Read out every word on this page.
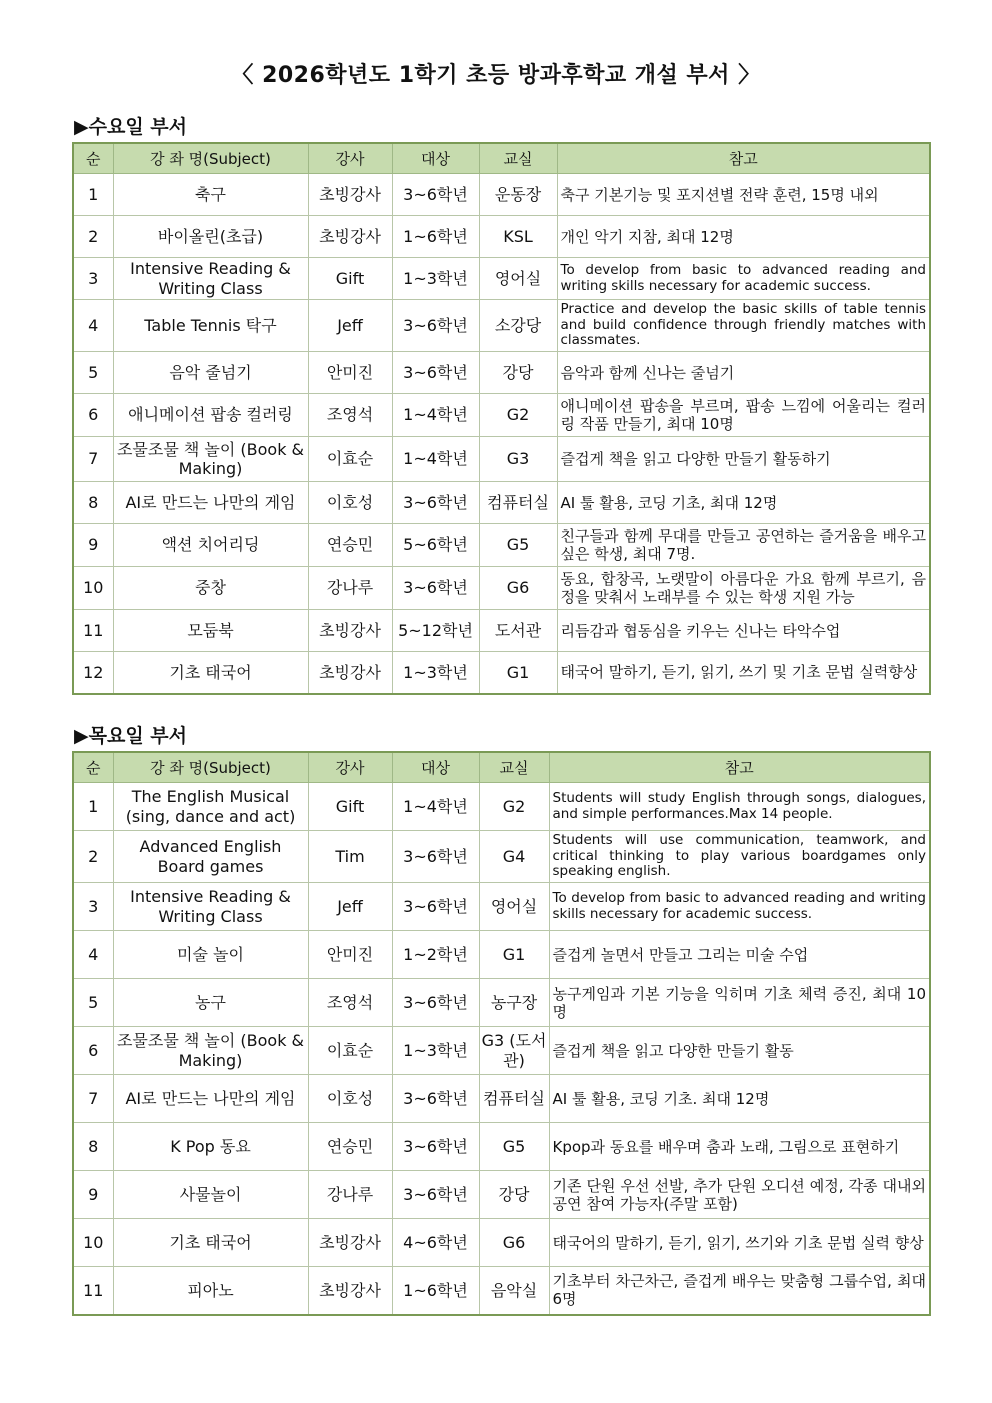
〈 2026학년도 1학기 초등 방과후학교 개설 부서 〉
▶수요일 부서
순	강 좌 명(Subject)	강사	대상	교실	참고
1	축구	초빙강사	3~6학년	운동장	축구 기본기능 및 포지션별 전략 훈련, 15명 내외
2	바이올린(초급)	초빙강사	1~6학년	KSL	개인 악기 지참, 최대 12명
3	Intensive Reading & Writing Class	Gift	1~3학년	영어실	To develop from basic to advanced reading and writing skills necessary for academic success.
4	Table Tennis 탁구	Jeff	3~6학년	소강당	Practice and develop the basic skills of table tennis and build confidence through friendly matches with classmates.
5	음악 줄넘기	안미진	3~6학년	강당	음악과 함께 신나는 줄넘기
6	애니메이션 팝송 컬러링	조영석	1~4학년	G2	애니메이션 팝송을 부르며, 팝송 느낌에 어울리는 컬러링 작품 만들기, 최대 10명
7	조물조물 책 놀이 (Book & Making)	이효순	1~4학년	G3	즐겁게 책을 읽고 다양한 만들기 활동하기
8	AI로 만드는 나만의 게임	이호성	3~6학년	컴퓨터실	AI 툴 활용, 코딩 기초, 최대 12명
9	액션 치어리딩	연승민	5~6학년	G5	친구들과 함께 무대를 만들고 공연하는 즐거움을 배우고 싶은 학생, 최대 7명.
10	중창	강나루	3~6학년	G6	동요, 합창곡, 노랫말이 아름다운 가요 함께 부르기, 음정을 맞춰서 노래부를 수 있는 학생 지원 가능
11	모둠북	초빙강사	5~12학년	도서관	리듬감과 협동심을 키우는 신나는 타악수업
12	기초 태국어	초빙강사	1~3학년	G1	태국어 말하기, 듣기, 읽기, 쓰기 및 기초 문법 실력향상
▶목요일 부서
순	강 좌 명(Subject)	강사	대상	교실	참고
1	The English Musical (sing, dance and act)	Gift	1~4학년	G2	Students will study English through songs, dialogues, and simple performances.Max 14 people.
2	Advanced English Board games	Tim	3~6학년	G4	Students will use communication, teamwork, and critical thinking to play various boardgames only speaking english.
3	Intensive Reading & Writing Class	Jeff	3~6학년	영어실	To develop from basic to advanced reading and writing skills necessary for academic success.
4	미술 놀이	안미진	1~2학년	G1	즐겁게 놀면서 만들고 그리는 미술 수업
5	농구	조영석	3~6학년	농구장	농구게임과 기본 기능을 익히며 기초 체력 증진, 최대 10명
6	조물조물 책 놀이 (Book & Making)	이효순	1~3학년	G3 (도서관)	즐겁게 책을 읽고 다양한 만들기 활동
7	AI로 만드는 나만의 게임	이호성	3~6학년	컴퓨터실	AI 툴 활용, 코딩 기초. 최대 12명
8	K Pop 동요	연승민	3~6학년	G5	Kpop과 동요를 배우며 춤과 노래, 그림으로 표현하기
9	사물놀이	강나루	3~6학년	강당	기존 단원 우선 선발, 추가 단원 오디션 예정, 각종 대내외 공연 참여 가능자(주말 포함)
10	기초 태국어	초빙강사	4~6학년	G6	태국어의 말하기, 듣기, 읽기, 쓰기와 기초 문법 실력 향상
11	피아노	초빙강사	1~6학년	음악실	기초부터 차근차근, 즐겁게 배우는 맞춤형 그룹수업, 최대 6명
